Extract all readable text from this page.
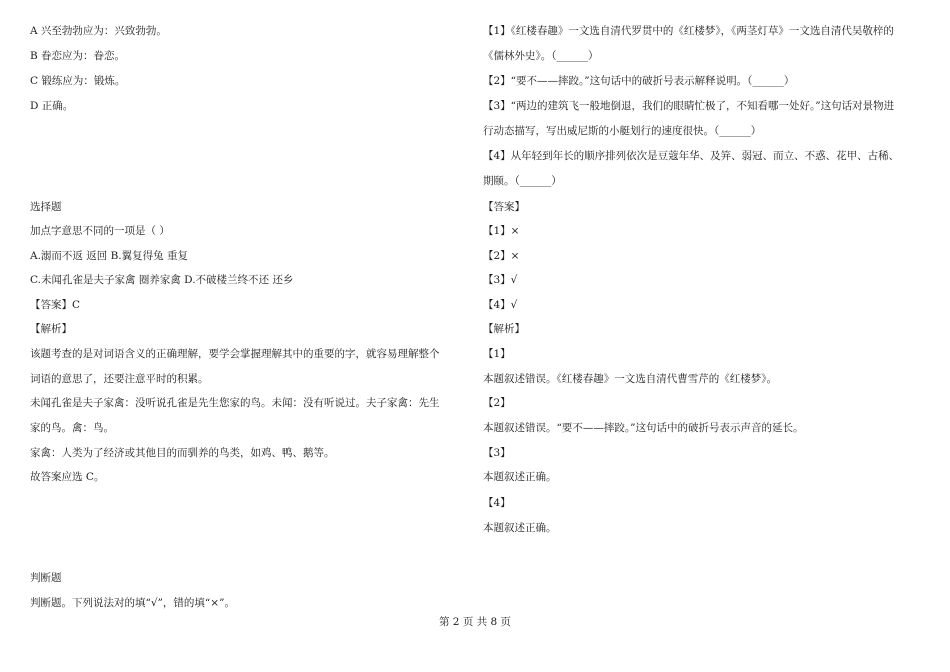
A 兴至勃勃应为：兴致勃勃。
B 眷恋应为：眷恋。
C 锻练应为：锻炼。
D 正确。
选择题
加点字意思不同的一项是（ ）
A.溺而不返 返回 B.翼复得兔 重复
C.未闻孔雀是夫子家禽 圈养家禽 D.不破楼兰终不还 还乡
【答案】C
【解析】
该题考查的是对词语含义的正确理解，要学会掌握理解其中的重要的字，就容易理解整个
词语的意思了，还要注意平时的积累。
未闻孔雀是夫子家禽：没听说孔雀是先生您家的鸟。未闻：没有听说过。夫子家禽：先生
家的鸟。禽：鸟。
家禽：人类为了经济或其他目的而驯养的鸟类，如鸡、鸭、鹅等。
故答案应选 C。
判断题
判断题。下列说法对的填“√”，错的填“×”。
【1】《红楼春趣》一文选自清代罗贯中的《红楼梦》，《两茎灯草》一文选自清代吴敬梓的
《儒林外史》。（______）
【2】“要不——摔跤。”这句话中的破折号表示解释说明。（______）
【3】“两边的建筑飞一般地倒退，我们的眼睛忙极了，不知看哪一处好。”这句话对景物进
行动态描写，写出威尼斯的小艇划行的速度很快。（______）
【4】从年轻到年长的顺序排列依次是豆蔻年华、及笄、弱冠、而立、不惑、花甲、古稀、
期颐。（______）
【答案】
【1】×
【2】×
【3】√
【4】√
【解析】
【1】
本题叙述错误。《红楼春趣》一文选自清代曹雪芹的《红楼梦》。
【2】
本题叙述错误。“要不——摔跤。”这句话中的破折号表示声音的延长。
【3】
本题叙述正确。
【4】
本题叙述正确。
第 2 页 共 8 页
